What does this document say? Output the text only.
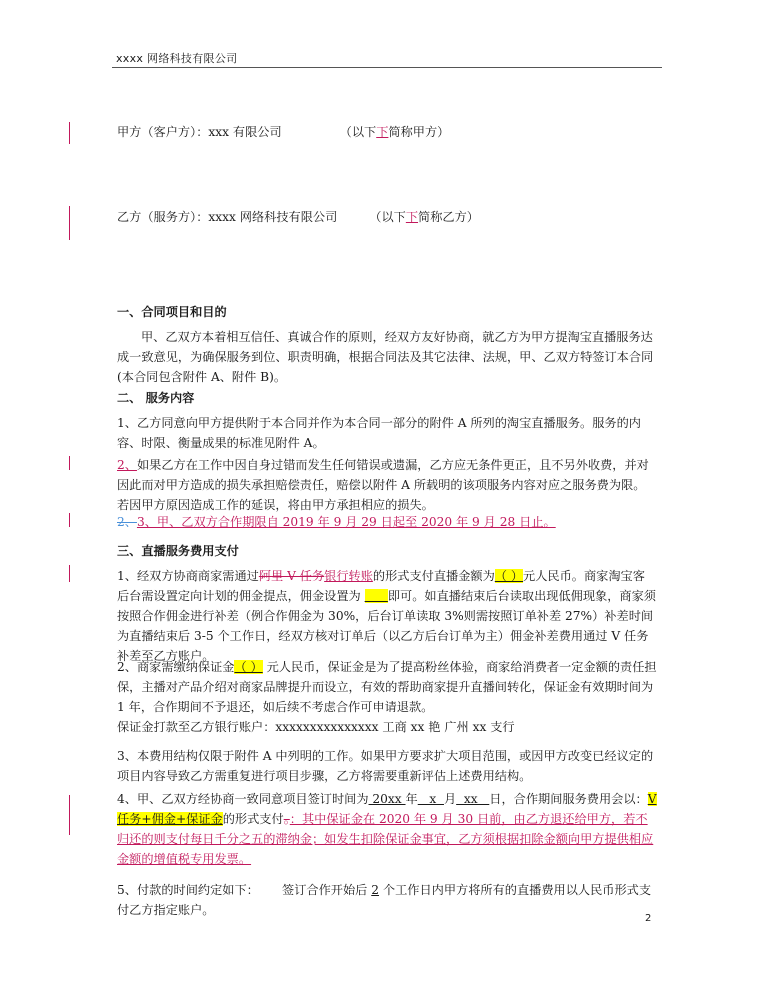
xxxx 网络科技有限公司
甲方（客户方）：xxx 有限公司	（以下下简称甲方）
乙方（服务方）：xxxx 网络科技有限公司	（以下下简称乙方）
一、合同项目和目的
甲、乙双方本着相互信任、真诚合作的原则，经双方友好协商，就乙方为甲方提淘宝直播服务达成一致意见，为确保服务到位、职责明确，根据合同法及其它法律、法规，甲、乙双方特签订本合同(本合同包含附件 A、附件 B)。
二、 服务内容
1、乙方同意向甲方提供附于本合同并作为本合同一部分的附件 A 所列的淘宝直播服务。服务的内容、时限、衡量成果的标准见附件 A。
2、如果乙方在工作中因自身过错而发生任何错误或遗漏，乙方应无条件更正，且不另外收费，并对因此而对甲方造成的损失承担赔偿责任，赔偿以附件 A 所载明的该项服务内容对应之服务费为限。若因甲方原因造成工作的延误，将由甲方承担相应的损失。
2、3、甲、乙双方合作期限自 2019 年 9 月 29 日起至 2020 年 9 月 28 日止。
三、直播服务费用支付
1、经双方协商商家需通过阿里 V 任务银行转账的形式支付直播金额为（ ）元人民币。商家淘宝客后台需设置定向计划的佣金提点，佣金设置为       即可。如直播结束后台读取出现低佣现象，商家须按照合作佣金进行补差（例合作佣金为 30%，后台订单读取 3%则需按照订单补差 27%）补差时间为直播结束后 3-5 个工作日，经双方核对订单后（以乙方后台订单为主）佣金补差费用通过 V 任务补差至乙方账户。
2、商家需缴纳保证金（ ） 元人民币，保证金是为了提高粉丝体验，商家给消费者一定金额的责任担保，主播对产品介绍对商家品牌提升而设立，有效的帮助商家提升直播间转化，保证金有效期时间为 1 年，合作期间不予退还，如后续不考虑合作可申请退款。
保证金打款至乙方银行账户：xxxxxxxxxxxxxxx 工商 xx 艳 广州 xx 支行
3、本费用结构仅限于附件 A 中列明的工作。如果甲方要求扩大项目范围，或因甲方改变已经议定的项目内容导致乙方需重复进行项目步骤，乙方将需要重新评估上述费用结构。
4、甲、乙双方经协商一致同意项目签订时间为 20xx 年   x  月  xx   日，合作期间服务费用会以：V 任务+佣金+保证金的形式支付。：其中保证金在 2020 年 9 月 30 日前，由乙方退还给甲方，若不归还的则支付每日千分之五的滞纳金；如发生扣除保证金事宜，乙方须根据扣除金额向甲方提供相应金额的增值税专用发票。
5、付款的时间约定如下：      签订合作开始后 2 个工作日内甲方将所有的直播费用以人民币形式支付乙方指定账户。
2
